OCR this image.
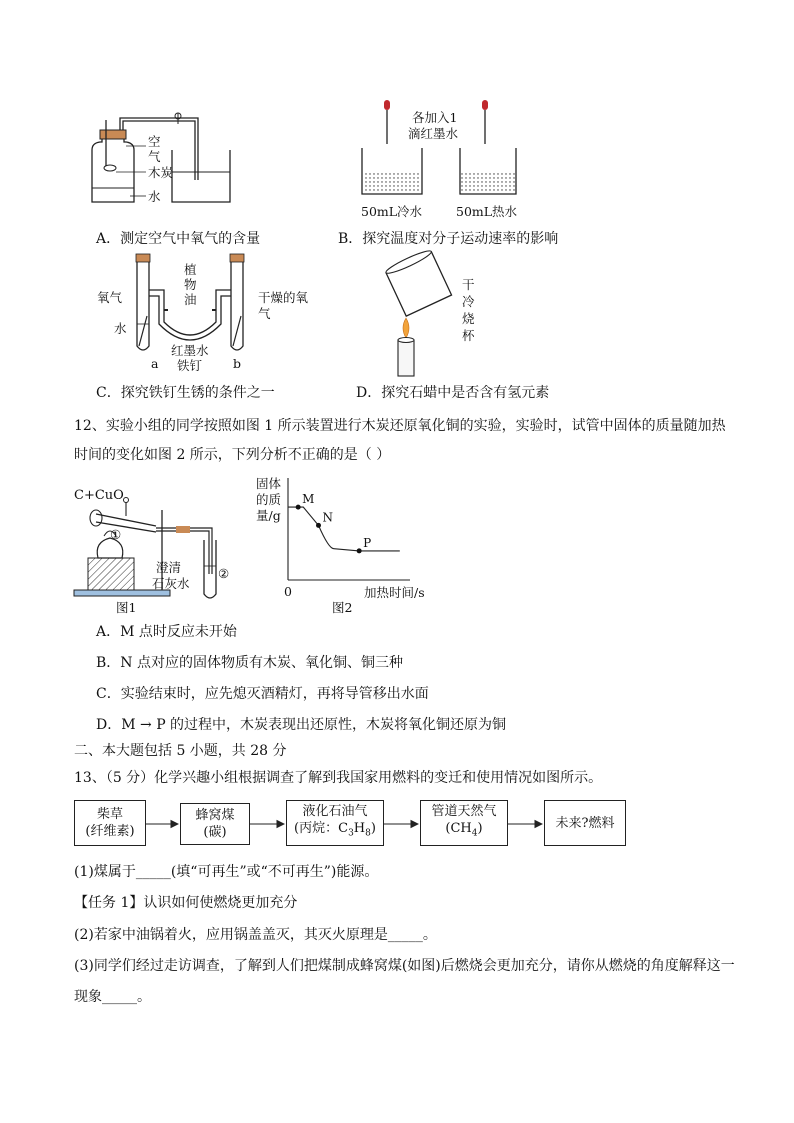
空气
木炭
水
各加入1
滴红墨水
50mL冷水	50mL热水
A．测定空气中氧气的含量	B．探究温度对分子运动速率的影响
氧气
水
植物油	干燥的氧气
a	b
红墨水
铁钉
干冷烧杯
C．探究铁钉生锈的条件之一	D．探究石蜡中是否含有氢元素
12、实验小组的同学按照如图 1 所示装置进行木炭还原氧化铜的实验，实验时，试管中固体的质量随加热
时间的变化如图 2 所示，下列分析不正确的是（ ）
C+CuO
①
②
澄清
石灰水
图1
M
N
P
固体
的质
量/g
0	加热时间/s
图2
A．M 点时反应未开始
B．N 点对应的固体物质有木炭、氧化铜、铜三种
C．实验结束时，应先熄灭酒精灯，再将导管移出水面
D．M → P 的过程中，木炭表现出还原性，木炭将氧化铜还原为铜
二、本大题包括 5 小题，共 28 分
13、（5 分）化学兴趣小组根据调查了解到我国家用燃料的变迁和使用情况如图所示。
柴草
(纤维素)
蜂窝煤
(碳)
液化石油气
(丙烷：$C_3H_8$)
管道天然气
$(CH_4)$	未来?燃料
(1)煤属于_____(填“可再生”或“不可再生”)能源。
【任务 1】认识如何使燃烧更加充分
(2)若家中油锅着火，应用锅盖盖灭，其灭火原理是_____。
(3)同学们经过走访调查，了解到人们把煤制成蜂窝煤(如图)后燃烧会更加充分，请你从燃烧的角度解释这一
现象_____。
